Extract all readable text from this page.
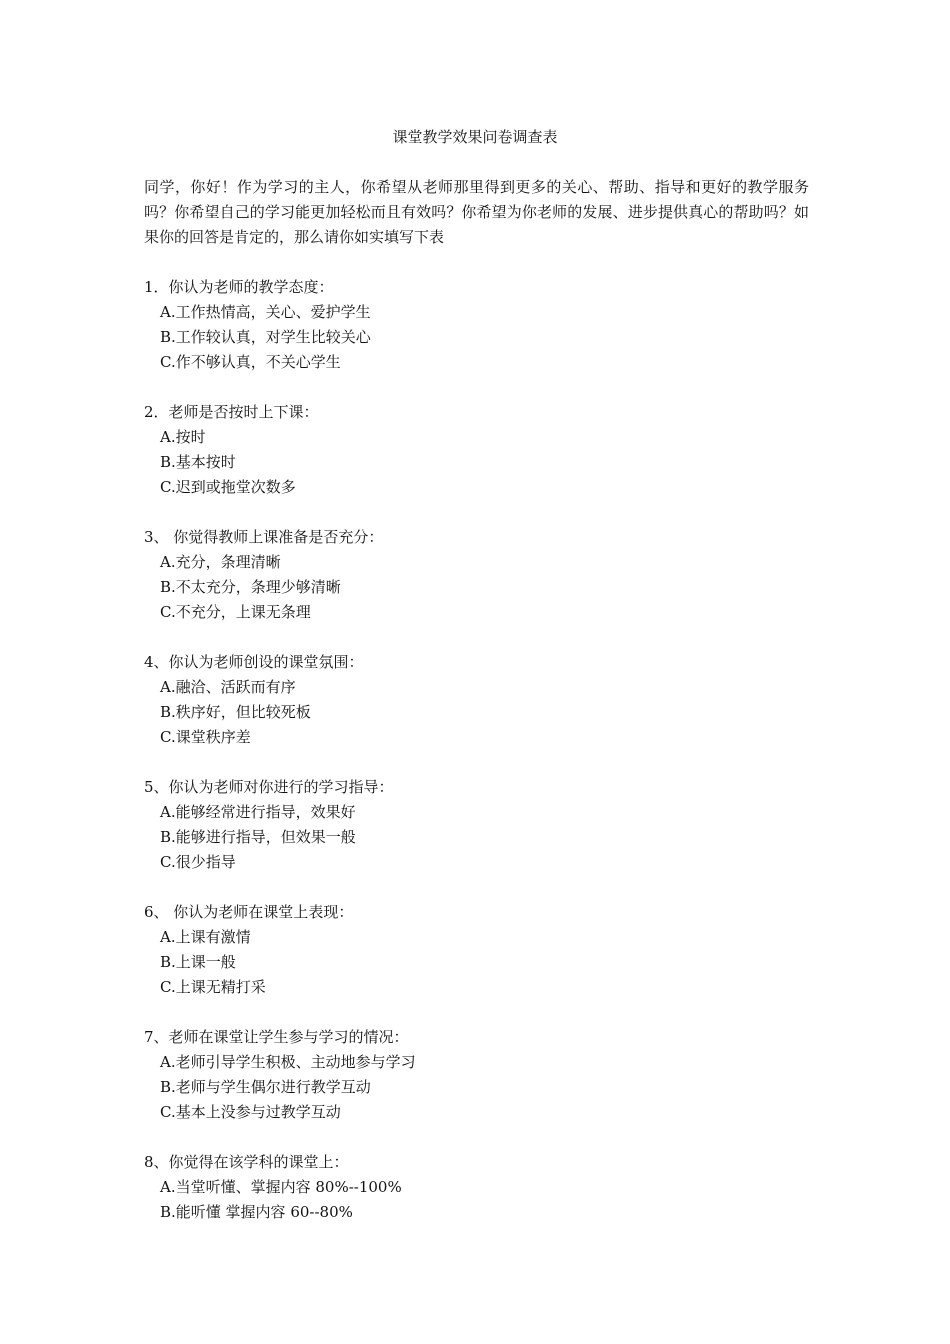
课堂教学效果问卷调查表

同学，你好！作为学习的主人，你希望从老师那里得到更多的关心、帮助、指导和更好的教学服务吗？你希望自己的学习能更加轻松而且有效吗？你希望为你老师的发展、进步提供真心的帮助吗？如果你的回答是肯定的，那么请你如实填写下表

1．你认为老师的教学态度：
A.工作热情高，关心、爱护学生
B.工作较认真，对学生比较关心
C.作不够认真，不关心学生
2．老师是否按时上下课：
A.按时
B.基本按时
C.迟到或拖堂次数多
3、 你觉得教师上课准备是否充分：
A.充分，条理清晰
B.不太充分，条理少够清晰
C.不充分，上课无条理
4、你认为老师创设的课堂氛围：
A.融洽、活跃而有序
B.秩序好，但比较死板
C.课堂秩序差
5、你认为老师对你进行的学习指导：
A.能够经常进行指导，效果好
B.能够进行指导，但效果一般
C.很少指导
6、 你认为老师在课堂上表现：
A.上课有激情
B.上课一般
C.上课无精打采
7、老师在课堂让学生参与学习的情况：
A.老师引导学生积极、主动地参与学习
B.老师与学生偶尔进行教学互动
C.基本上没参与过教学互动
8、你觉得在该学科的课堂上：
A.当堂听懂、掌握内容 80%--100%
B.能听懂 掌握内容 60--80%
